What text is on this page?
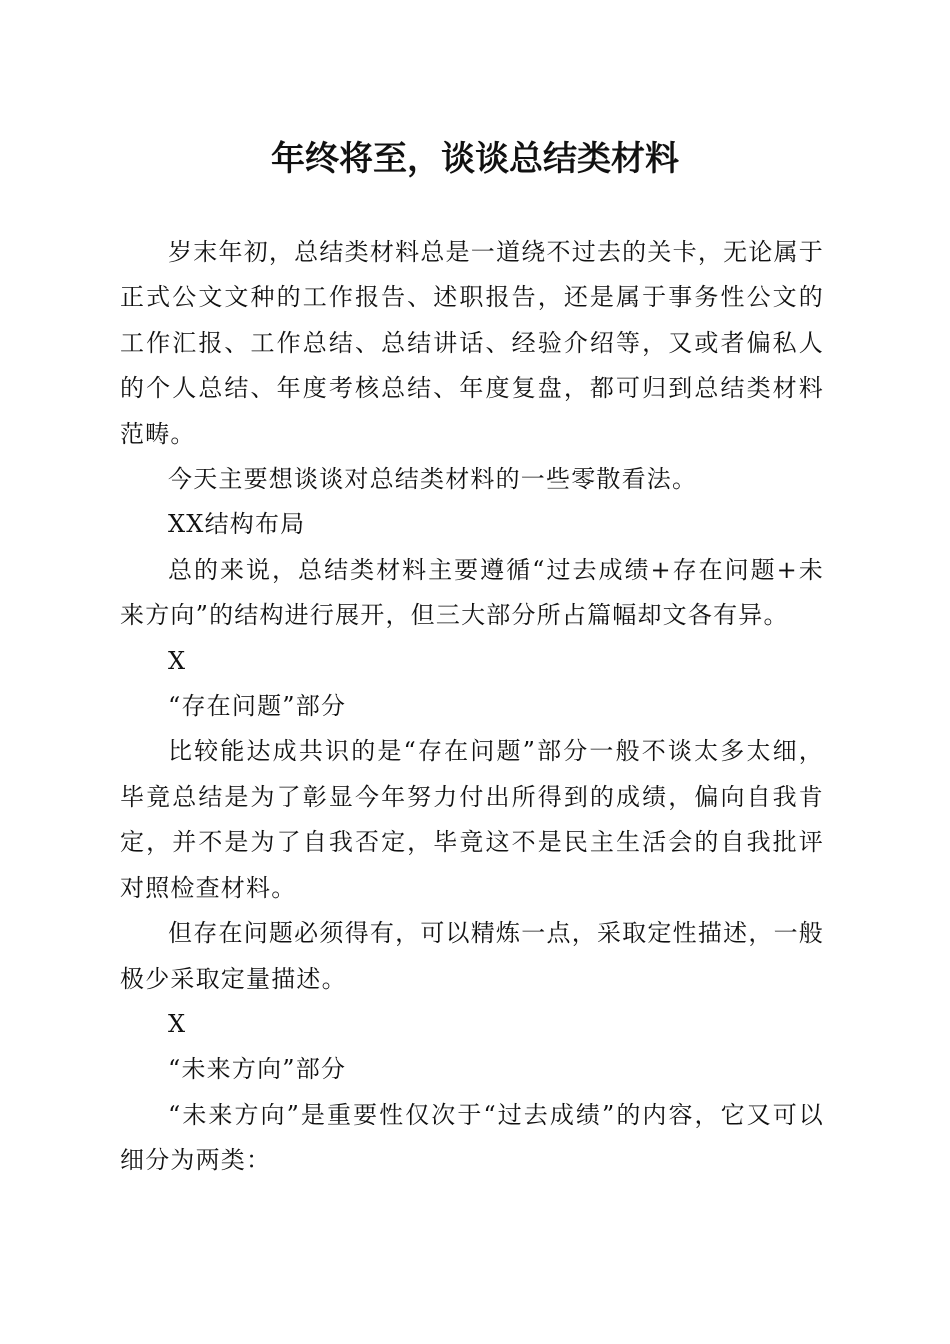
年终将至，谈谈总结类材料

岁末年初，总结类材料总是一道绕不过去的关卡，无论属于正式公文文种的工作报告、述职报告，还是属于事务性公文的工作汇报、工作总结、总结讲话、经验介绍等，又或者偏私人的个人总结、年度考核总结、年度复盘，都可归到总结类材料范畴。

今天主要想谈谈对总结类材料的一些零散看法。

XX结构布局

总的来说，总结类材料主要遵循“过去成绩+存在问题+未来方向”的结构进行展开，但三大部分所占篇幅却文各有异。

X

“存在问题”部分

比较能达成共识的是“存在问题”部分一般不谈太多太细，毕竟总结是为了彰显今年努力付出所得到的成绩，偏向自我肯定，并不是为了自我否定，毕竟这不是民主生活会的自我批评对照检查材料。

但存在问题必须得有，可以精炼一点，采取定性描述，一般极少采取定量描述。

X

“未来方向”部分

“未来方向”是重要性仅次于“过去成绩”的内容，它又可以细分为两类：
